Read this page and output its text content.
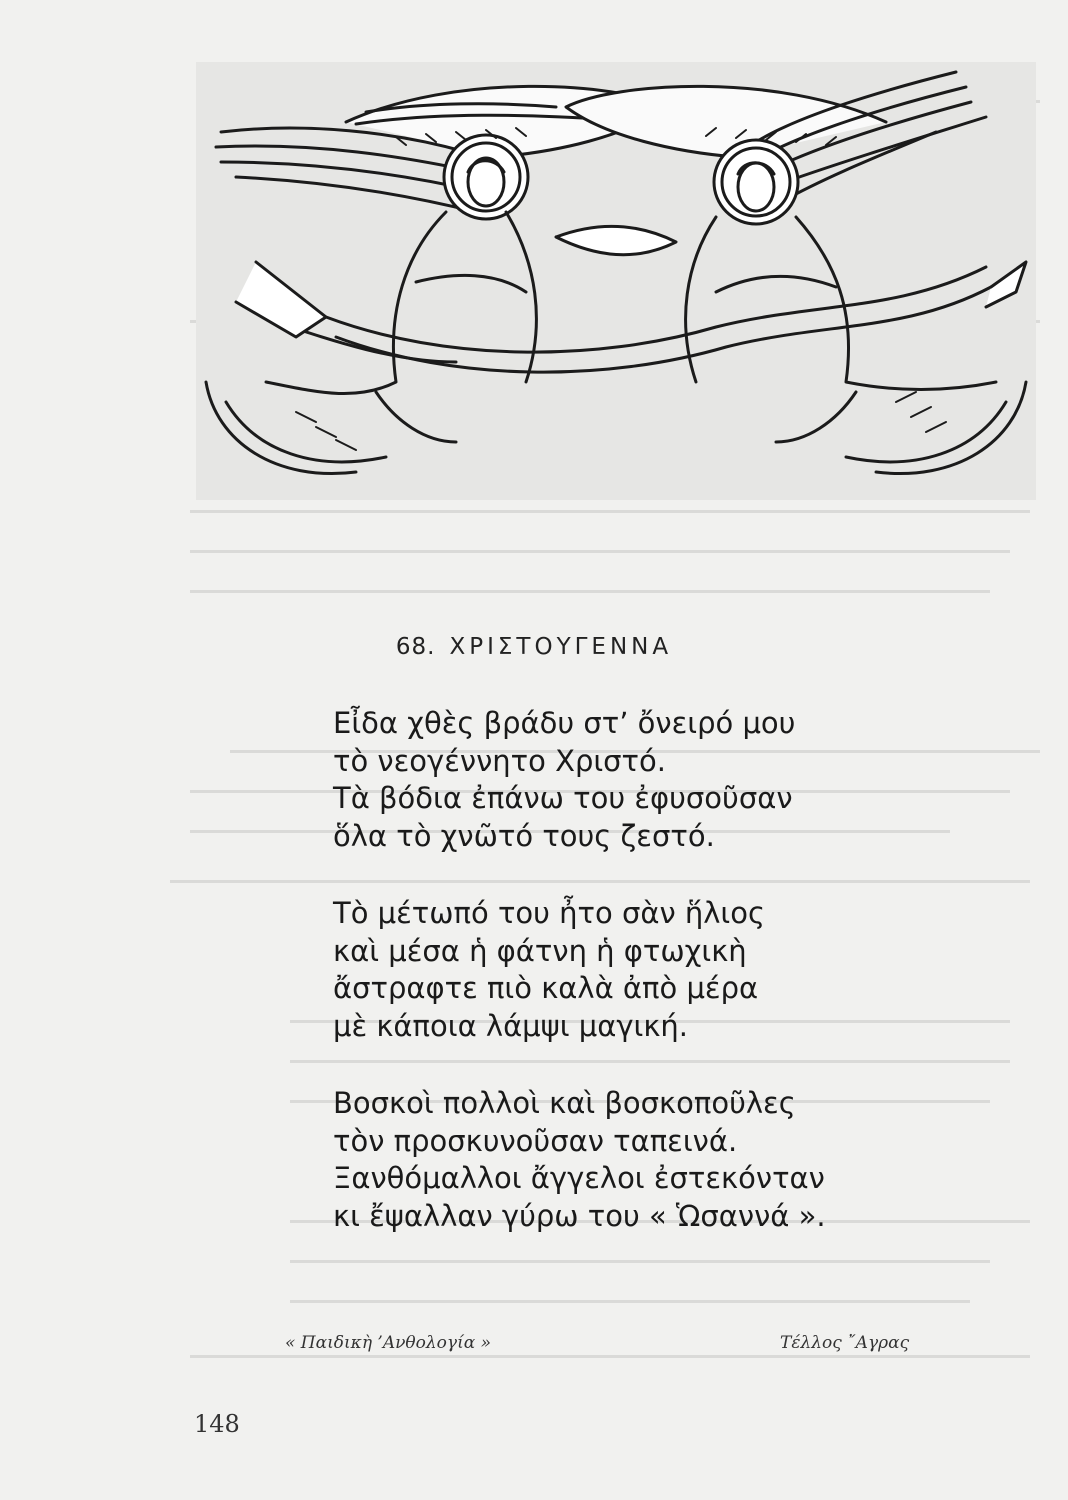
68. ΧΡΙΣΤΟΥΓΕΝΝΑ
Εἶδα χθὲς βράδυ στ’ ὄνειρό μου
τὸ νεογέννητο Χριστό.
Τὰ βόδια ἐπάνω του ἐφυσοῦσαν
ὅλα τὸ χνῶτό τους ζεστό.
Τὸ μέτωπό του ἦτο σὰν ἥλιος
καὶ μέσα ἡ φάτνη ἡ φτωχικὴ
ἄστραφτε πιὸ καλὰ ἀπὸ μέρα
μὲ κάποια λάμψι μαγική.
Βοσκοὶ πολλοὶ καὶ βοσκοποῦλες
τὸν προσκυνοῦσαν ταπεινά.
Ξανθόμαλλοι ἄγγελοι ἐστεκόνταν
κι ἔψαλλαν γύρω του « Ὡσαννά ».
« Παιδικὴ ’Ανθολογία »	Τέλλος ῎Αγρας
148
